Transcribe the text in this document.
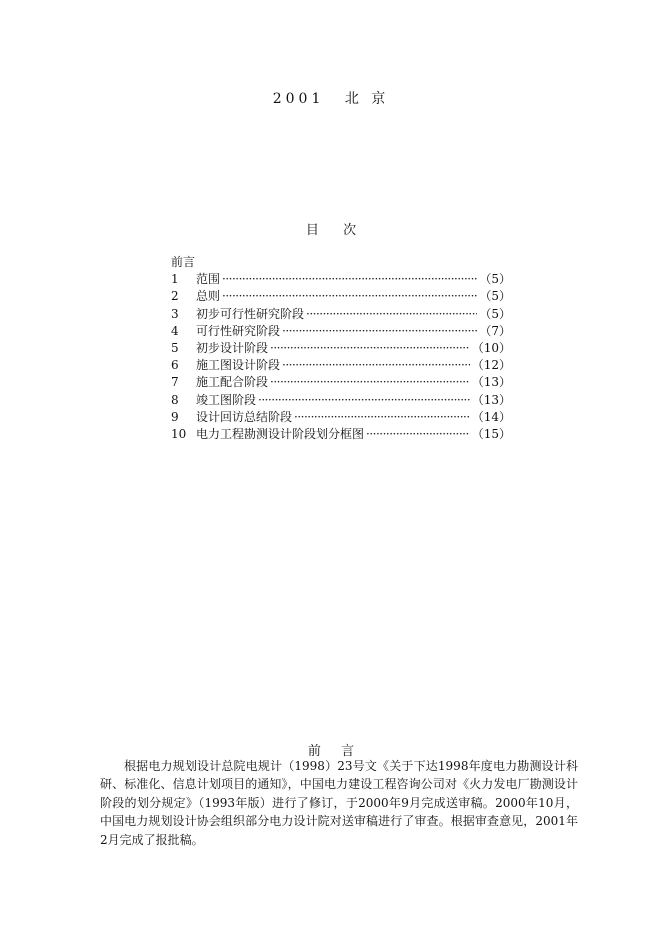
2001 北 京
目 次
前言
1	范围 ·····	（5）
2	总则 ·····	（5）
3	初步可行性研究阶段 ·····	（5）
4	可行性研究阶段 ·····	（7）
5	初步设计阶段 ·····	（10）
6	施工图设计阶段 ·····	（12）
7	施工配合阶段 ·····	（13）
8	竣工图阶段 ·····	（13）
9	设计回访总结阶段 ·····	（14）
10 电力工程勘测设计阶段划分框图 ·····	（15）
前 言
根据电力规划设计总院电规计（1998）23号文《关于下达1998年度电力勘测设计科研、标准化、信息计划项目的通知》，中国电力建设工程咨询公司对《火力发电厂勘测设计阶段的划分规定》（1993年版）进行了修订，于2000年9月完成送审稿。2000年10月，中国电力规划设计协会组织部分电力设计院对送审稿进行了审查。根据审查意见，2001年2月完成了报批稿。
